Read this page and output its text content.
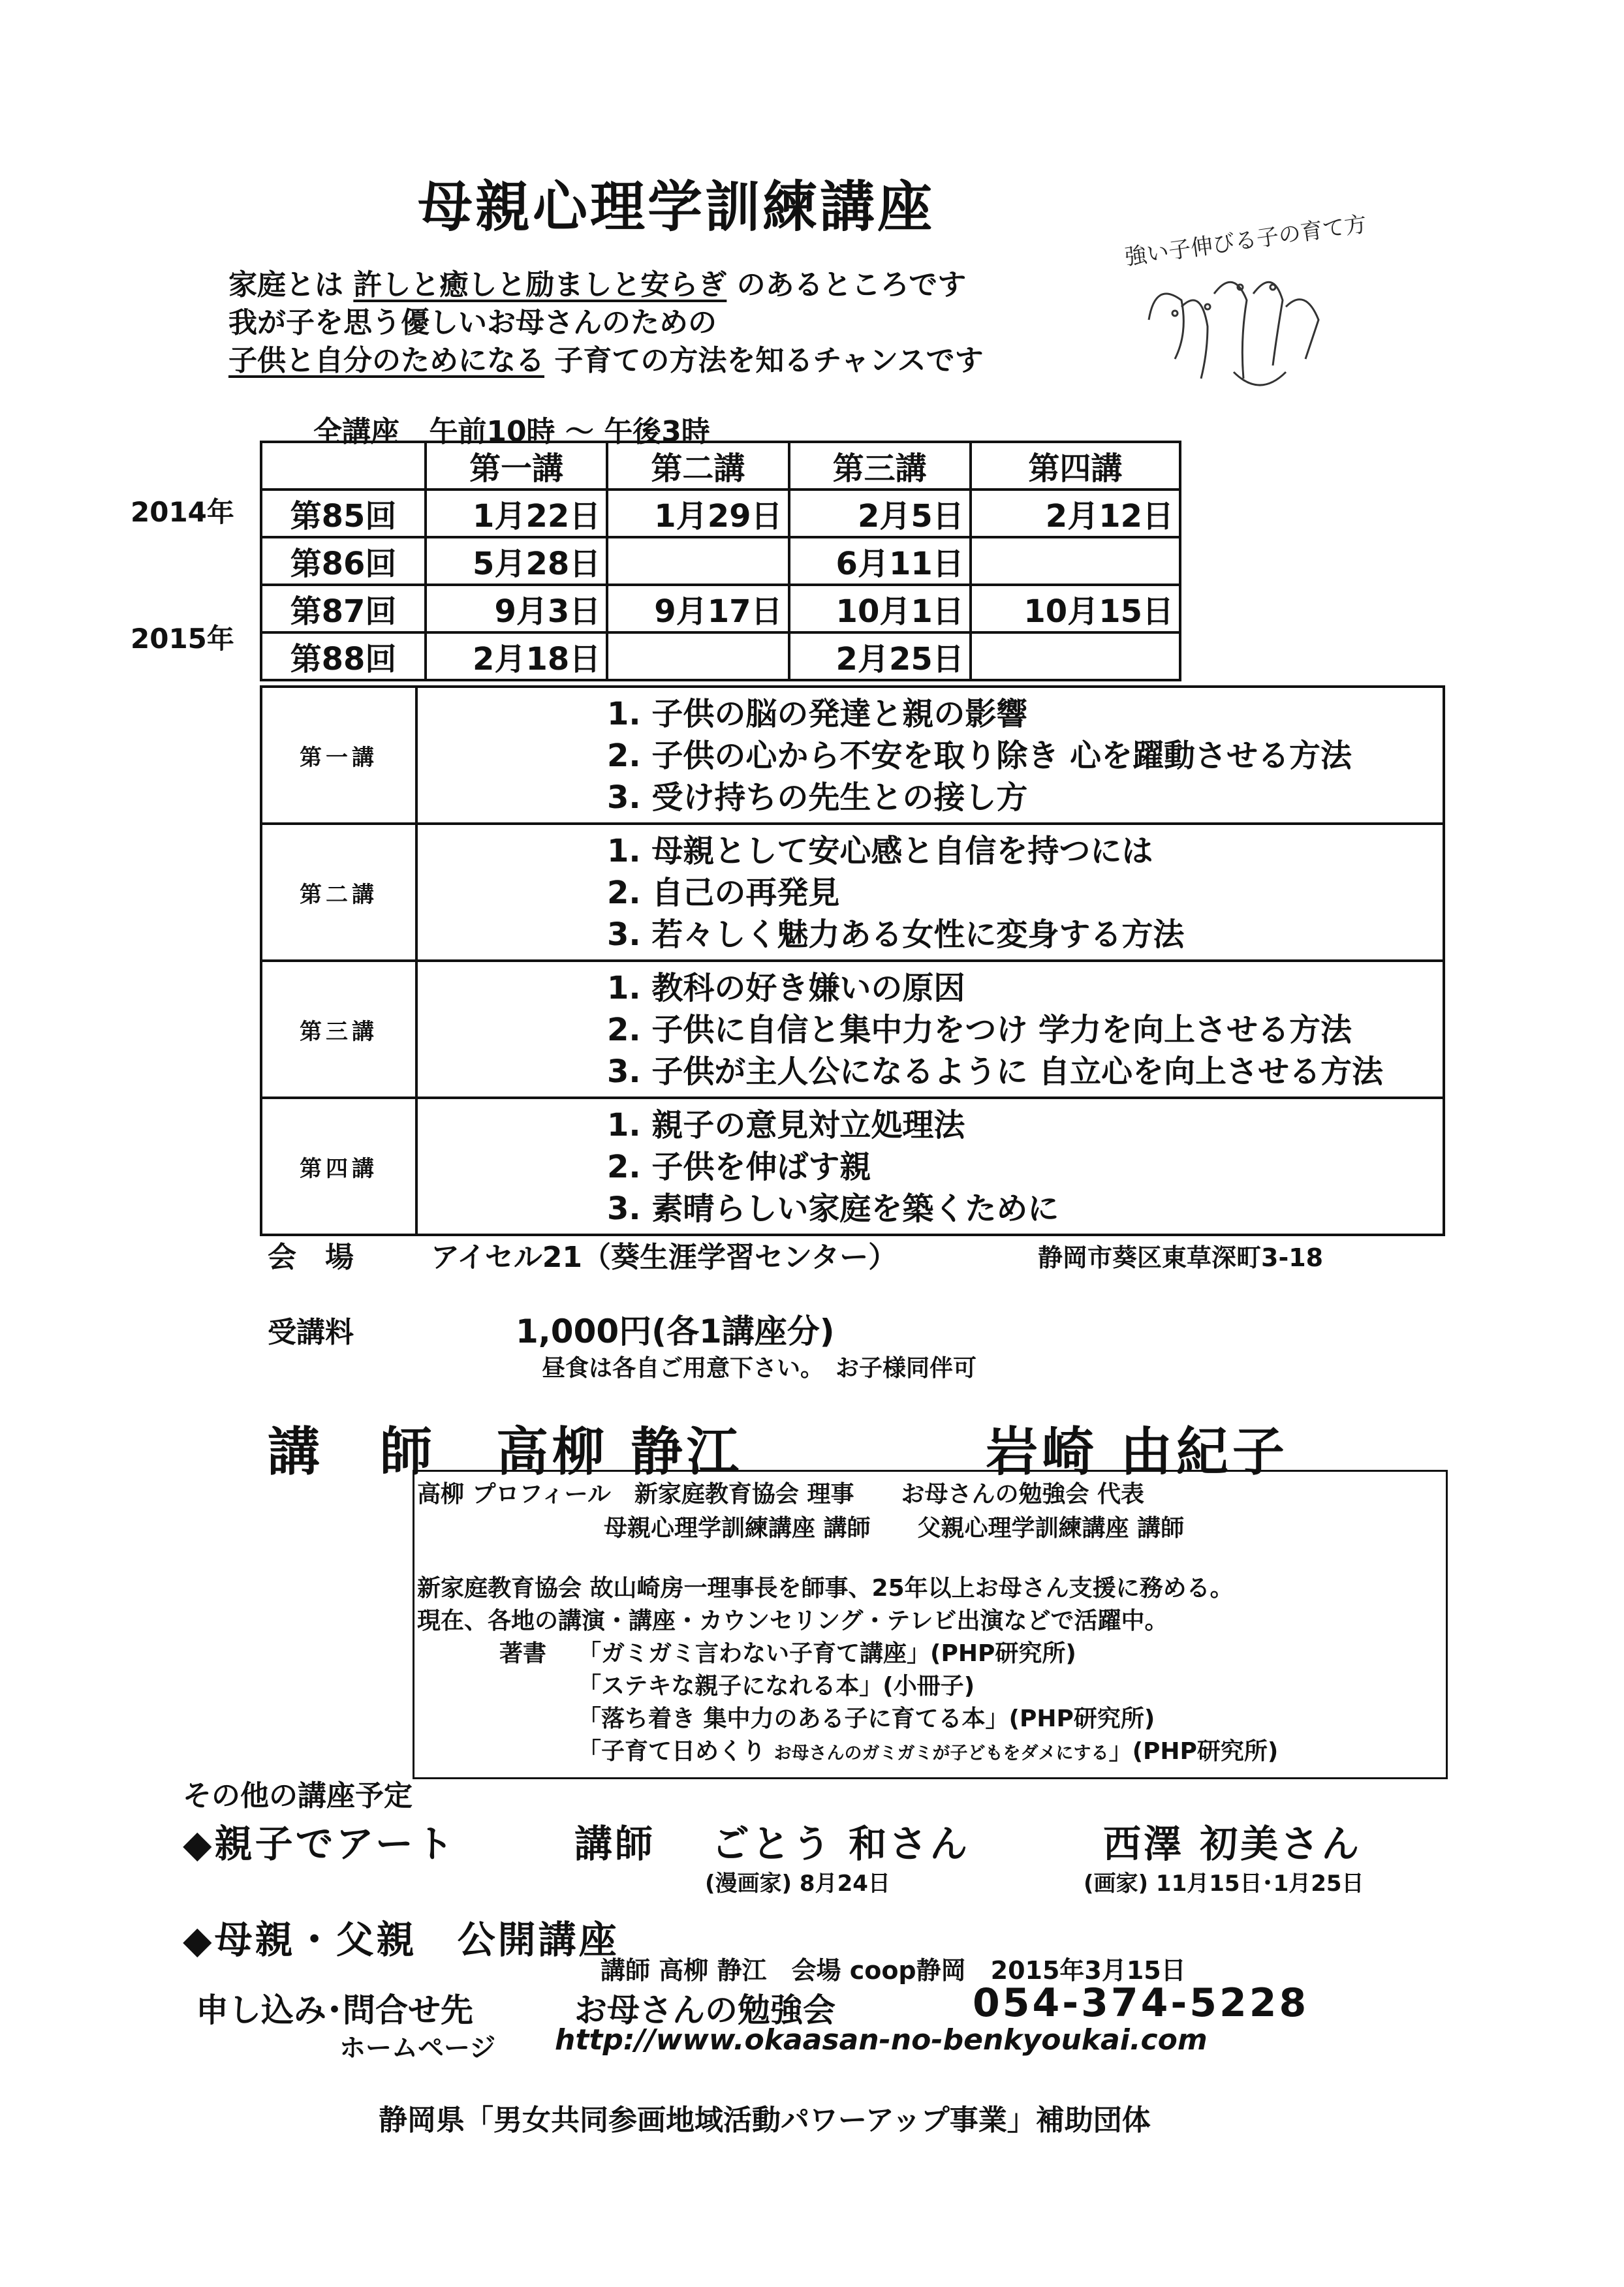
母親心理学訓練講座
家庭とは 許しと癒しと励ましと安らぎ のあるところです
我が子を思う優しいお母さんのための
子供と自分のためになる 子育ての方法を知るチャンスです
強い子伸びる子の育て方
全講座 午前10時 ～ 午後3時
2014年
2015年
	第一講	第二講	第三講	第四講
第85回	1月22日	1月29日	2月5日	2月12日
第86回	5月28日		6月11日	
第87回	9月3日	9月17日	10月1日	10月15日
第88回	2月18日		2月25日	
第一講	1. 子供の脳の発達と親の影響
2. 子供の心から不安を取り除き 心を躍動させる方法
3. 受け持ちの先生との接し方

第二講	1. 母親として安心感と自信を持つには
2. 自己の再発見
3. 若々しく魅力ある女性に変身する方法

第三講	1. 教科の好き嫌いの原因
2. 子供に自信と集中力をつけ 学力を向上させる方法
3. 子供が主人公になるように 自立心を向上させる方法

第四講	1. 親子の意見対立処理法
2. 子供を伸ばす親
3. 素晴らしい家庭を築くために
会　場	アイセル21（葵生涯学習センター）	静岡市葵区東草深町3-18
受講料	1,000円(各1講座分)
昼食は各自ご用意下さい。　お子様同伴可
講　師 高柳 静江	岩崎 由紀子
高柳 プロフィール　新家庭教育協会 理事　　お母さんの勉強会 代表
母親心理学訓練講座 講師　　父親心理学訓練講座 講師
新家庭教育協会 故山崎房一理事長を師事、25年以上お母さん支援に務める。
現在、各地の講演・講座・カウンセリング・テレビ出演などで活躍中。
著書 「ガミガミ言わない子育て講座」(PHP研究所)
「ステキな親子になれる本」(小冊子)
「落ち着き 集中力のある子に育てる本」(PHP研究所)
「子育て日めくり お母さんのガミガミが子どもをダメにする」(PHP研究所)
その他の講座予定
◆親子でアート	講師 ごとう 和さん	西澤 初美さん
(漫画家) 8月24日	(画家) 11月15日･1月25日
◆母親・父親　公開講座
講師 高柳 静江　会場 coop静岡　2015年3月15日
申し込み･問合せ先	お母さんの勉強会	054-374-5228
ホームページ http://www.okaasan-no-benkyoukai.com
静岡県「男女共同参画地域活動パワーアップ事業」補助団体
